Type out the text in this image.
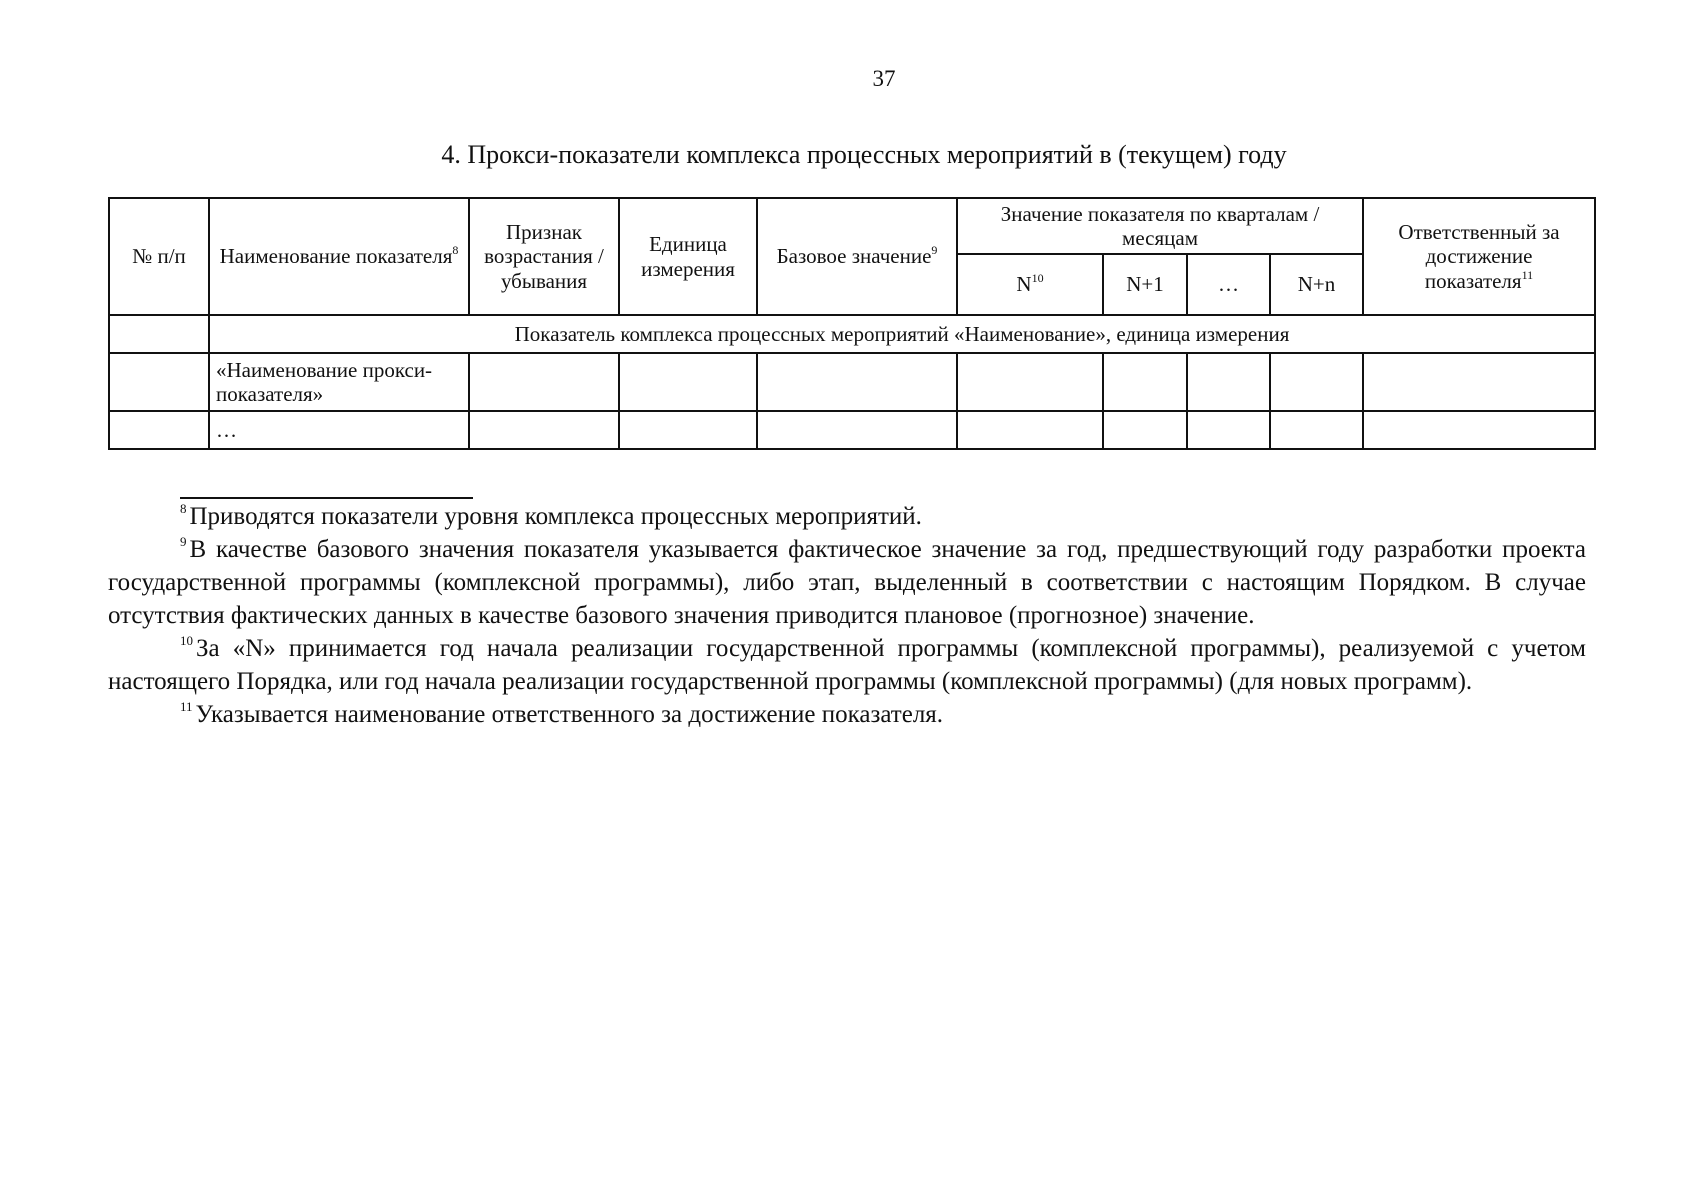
37
4. Прокси-показатели комплекса процессных мероприятий в (текущем) году
№ п/п	Наименование показателя$^8$	Признак возрастания / убывания	Единица измерения	Базовое значение$^9$	Значение показателя по кварталам / месяцам				Ответственный за достижение показателя$^{11}$
					$N^{10}$	N+1	…	N+n	
	Показатель комплекса процессных мероприятий «Наименование», единица измерения								
	«Наименование прокси-показателя»								
	…								

$^8$ Приводятся показатели уровня комплекса процессных мероприятий.

$^9$ В качестве базового значения показателя указывается фактическое значение за год, предшествующий году разработки проекта государственной программы (комплексной программы), либо этап, выделенный в соответствии с настоящим Порядком. В случае отсутствия фактических данных в качестве базового значения приводится плановое (прогнозное) значение.

$^{10}$ За «N» принимается год начала реализации государственной программы (комплексной программы), реализуемой с учетом настоящего Порядка, или год начала реализации государственной программы (комплексной программы) (для новых программ).

$^{11}$ Указывается наименование ответственного за достижение показателя.
